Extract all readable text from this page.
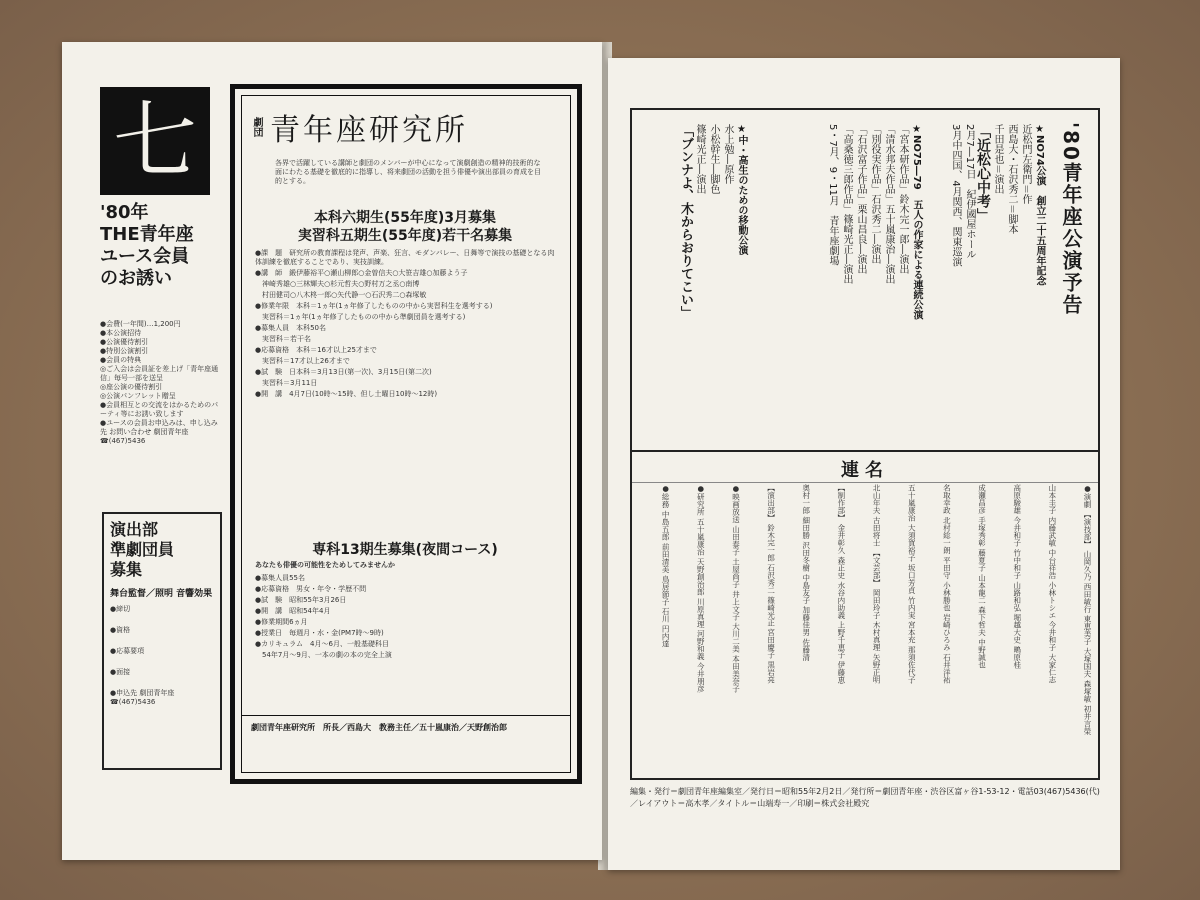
七
'80年
THE青年座
ユース会員
のお誘い
●会費(一年間)…1,200円
●本公演招待
●公演優待割引
●特別公演割引
●会員の特典
◎ご入会は会員証を差上げ「青年座通信」毎号一部を送呈
◎座公演の優待割引
◎公演パンフレット贈呈
●会員相互との交流をはかるためのパーティ等にお誘い致します
●ユースの会員お申込みは、申し込み先 お問い合わせ 劇団青年座
☎(467)5436
演出部
準劇団員
募集
舞台監督／照明 音響効果
●締切
●資格
●応募要項
●面接
●申込先 劇団青年座
☎(467)5436
劇団 青年座研究所
各界で活躍している講師と劇団のメンバーが中心になって演劇創造の精神的技術的な面にわたる基礎を徹底的に指導し、将来劇団の活動を担う俳優や演出部員の育成を目的とする。
本科六期生(55年度)3月募集
実習科五期生(55年度)若干名募集
●課　題　研究所の教育課程は発声、声楽、狂言、モダンバレー、日舞等で演技の基礎となる肉体訓練を徹底することであり、実技訓練。
●講　師　鍛伊藤裕平○瀬山柳郎○金曽信夫○大笹吉雄○加藤よう子
　神崎秀雄○三林輝夫○杉元哲夫○野村万之丞○南博
　村田健司○八木柊一郎○矢代静一○石沢秀二○森塚敏
●修業年限　本科＝1ヵ年(1ヵ年修了したものの中から実習科生を選考する)
　実習科＝1ヵ年(1ヵ年修了したものの中から準劇団員を選考する)
●募集人員　本科50名
　実習科＝若干名
●応募資格　本科＝16才以上25才まで
　実習科＝17才以上26才まで
●試　験　日本科＝3月13日(第一次)、3月15日(第二次)
　実習科＝3月11日
●開　講　4月7日(10時～15時、但し土曜日10時～12時)
専科13期生募集(夜間コース)
あなたも俳優の可能性をためしてみませんか
●募集人員55名
●応募資格　男女・年令・学歴不問
●試　験　昭和55年3月26日
●開　講　昭和54年4月
●修業期間6ヵ月
●授業日　毎週月・水・金(PM7時～9時)
●カリキュラム　4月～6月、一般基礎科目
　54年7月～9月、一本の劇の本の完全上演
劇団青年座研究所　所長／西島大　教務主任／五十嵐康治／天野創治郎
'80青年座公演予告
★NO74公演　創立二十五周年記念
近松門左衛門＝作
西島大・石沢秀二＝脚本
千田是也＝演出
「近松心中考」
2月7―17日　紀伊國屋ホール
3月中四国、4月関西、関東巡演
★NO75―79　五人の作家による連続公演
「宮本研作品」鈴木完一郎―演出
「清水邦夫作品」五十嵐康治―演出
「別役実作品」石沢秀二―演出
「石沢富子作品」栗山昌良―演出
「高桑徳三郎作品」篠崎光正―演出
5・7月、9・11月　青年座劇場
★中・高生のための移動公演
水上勉―原作
小松幹生―脚色
篠崎光正―演出
「ブンナよ、木からおりてこい」
連名
●演劇 【演技部】 山岡久乃 西田敏行 東恵美子 大塚国夫 森塚敏 初井言榮
山本圭子 内藤武敏 中台祥浩 小林トシエ 今井和子 大家仁志
高原駿雄 今井和子 竹中和子 山路和弘 堀越大史 鴫原桂
成瀬昌彦 手塚秀彰 藤夏子 山本龍二 森下哲夫 中野誠也
名取幸政 北村総一朗 平田守 小林勝也 岩崎ひろみ 石井洋祐
五十嵐康治 大須賀裕子 坂口芳貞 竹内実 宮本充 那須佐代子
北山年夫 古田将士 【文芸部】 岡田玲子 木村真理 矢野正明
【制作部】 金井彰久 森正史 水谷内助義 上野千恵子 伊藤恵
奥村一郎 細田勝 沢田冬樹 中島友子 加藤佳男 佐藤清
【演出部】 鈴木完一郎 石沢秀二 篠崎光正 宮田慶子 黒岩亮
●映画放送 山田泰子 土屋尚子 井上文子 大川二美 本田美奈子
●研究所 五十嵐康治 天野創治郎 川原真理 河野和義 今井朋彦
●総務 中島五郎 前田清美 鳥居節子 石川 円内達
編集・発行＝劇団青年座編集室／発行日＝昭和55年2月2日／発行所＝劇団青年座・渋谷区富ヶ谷1-53-12・電話03(467)5436(代)／レイアウト＝高木孝／タイトル＝山端寿一／印刷＝株式会社殿究
